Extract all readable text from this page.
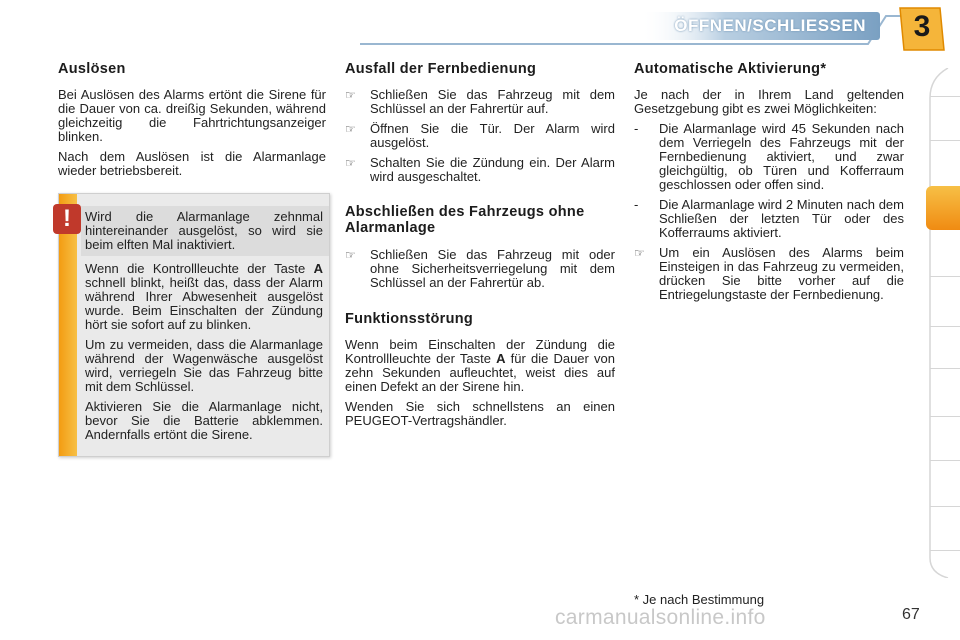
ÖFFNEN/SCHLIESSEN	3
Auslösen

Bei Auslösen des Alarms ertönt die Sirene für die Dauer von ca. dreißig Sekunden, während gleichzeitig die Fahrtrichtungsanzeiger blinken.

Nach dem Auslösen ist die Alarmanlage wieder betriebsbereit.

!	Wird die Alarmanlage zehnmal hintereinander ausgelöst, so wird sie beim elften Mal inaktiviert.

Wenn die Kontrollleuchte der Taste A schnell blinkt, heißt das, dass der Alarm während Ihrer Abwesenheit ausgelöst wurde. Beim Einschalten der Zündung hört sie sofort auf zu blinken.

Um zu vermeiden, dass die Alarmanlage während der Wagenwäsche ausgelöst wird, verriegeln Sie das Fahrzeug bitte mit dem Schlüssel.

Aktivieren Sie die Alarmanlage nicht, bevor Sie die Batterie abklemmen. Andernfalls ertönt die Sirene.

Ausfall der Fernbedienung
☞ Schließen Sie das Fahrzeug mit dem Schlüssel an der Fahrertür auf.
☞ Öffnen Sie die Tür. Der Alarm wird ausgelöst.
☞ Schalten Sie die Zündung ein. Der Alarm wird ausgeschaltet.
Abschließen des Fahrzeugs ohne Alarmanlage
☞ Schließen Sie das Fahrzeug mit oder ohne Sicherheitsverriegelung mit dem Schlüssel an der Fahrertür ab.
Funktionsstörung

Wenn beim Einschalten der Zündung die Kontrollleuchte der Taste A für die Dauer von zehn Sekunden aufleuchtet, weist dies auf einen Defekt an der Sirene hin.

Wenden Sie sich schnellstens an einen PEUGEOT-Vertragshändler.

Automatische Aktivierung*

Je nach der in Ihrem Land geltenden Gesetzgebung gibt es zwei Möglichkeiten:

- Die Alarmanlage wird 45 Sekunden nach dem Verriegeln des Fahrzeugs mit der Fernbedienung aktiviert, und zwar gleichgültig, ob Türen und Kofferraum geschlossen oder offen sind.
- Die Alarmanlage wird 2 Minuten nach dem Schließen der letzten Tür oder des Kofferraums aktiviert.
☞ Um ein Auslösen des Alarms beim Einsteigen in das Fahrzeug zu vermeiden, drücken Sie bitte vorher auf die Entriegelungstaste der Fernbedienung.
* Je nach Bestimmung
carmanualsonline.info	67
